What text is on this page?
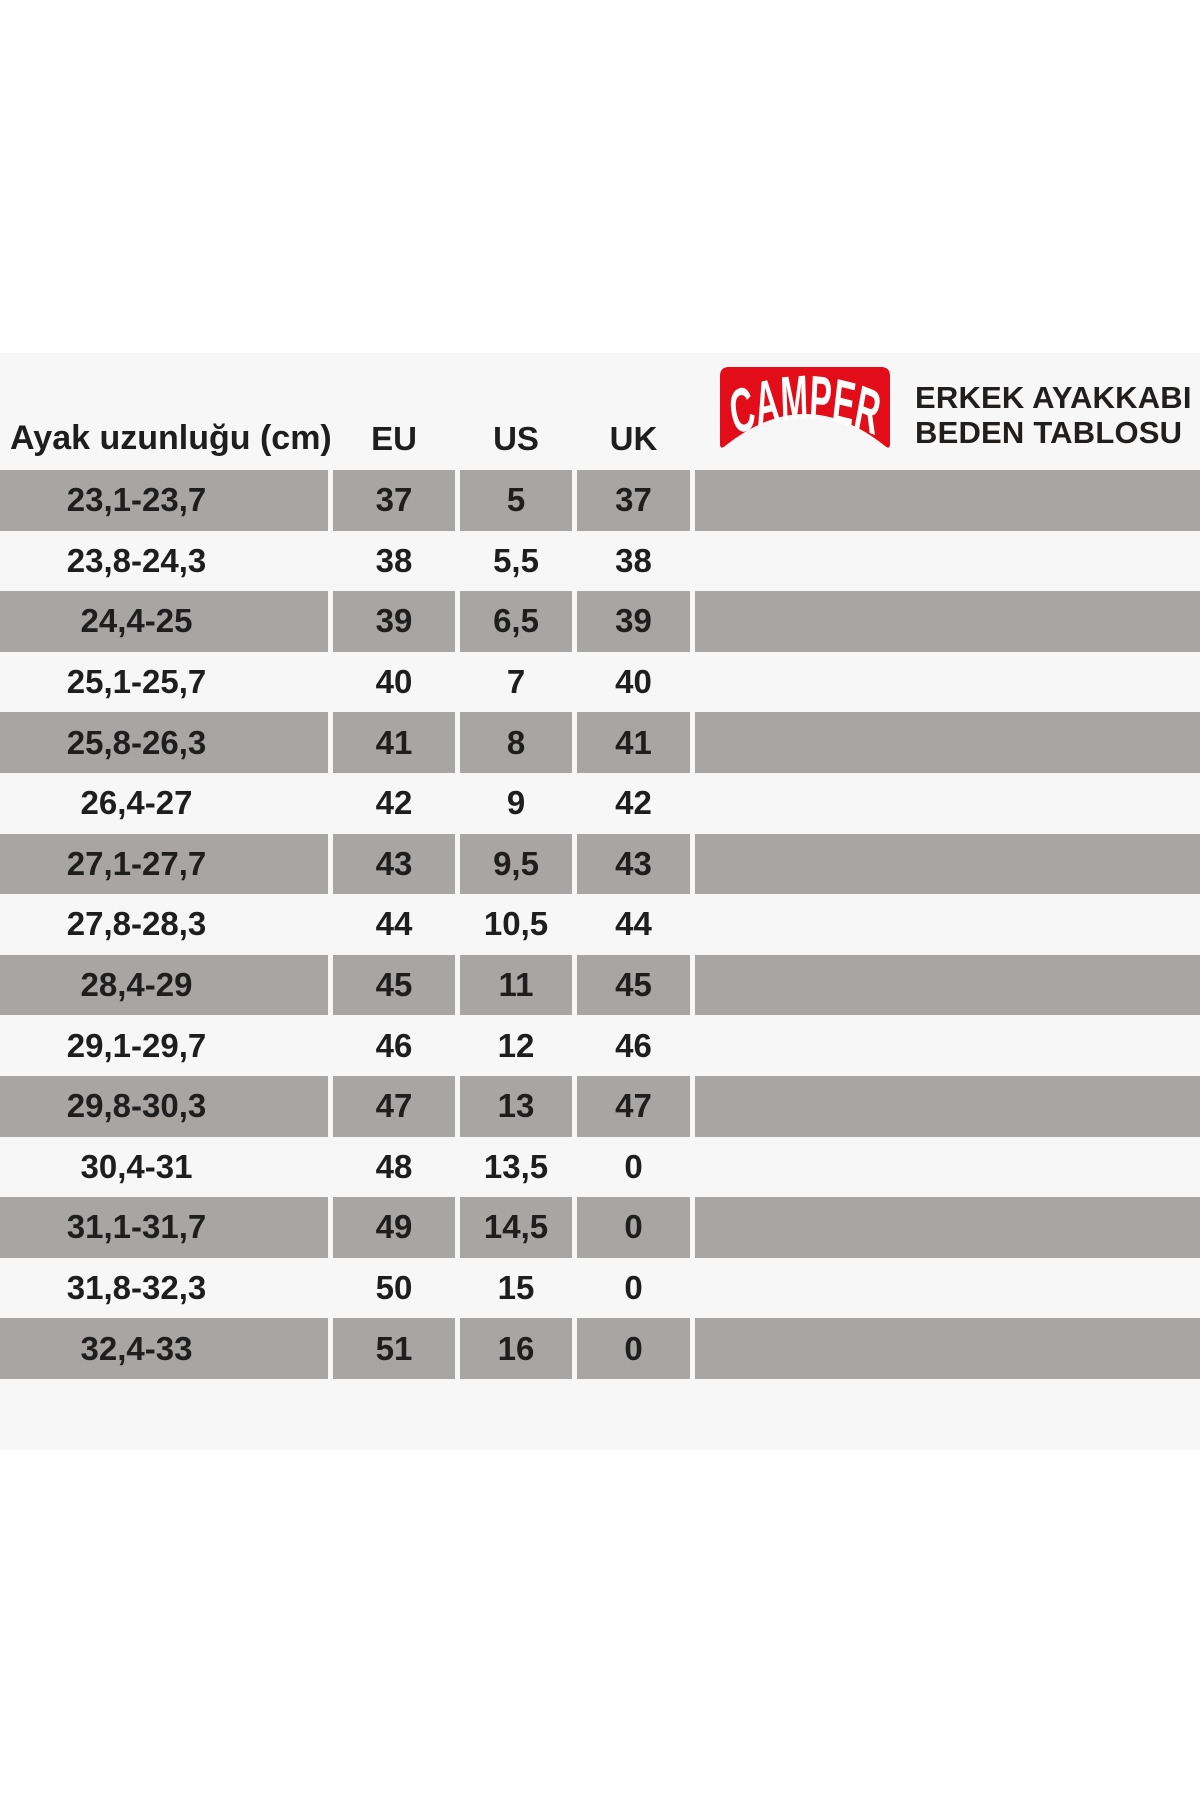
Ayak uzunluğu (cm)	EU	US	UK	CAMPER ERKEK AYAKKABI
BEDEN TABLOSU
23,1-23,7	37	5	37
23,8-24,3	38	5,5	38
24,4-25	39	6,5	39
25,1-25,7	40	7	40
25,8-26,3	41	8	41
26,4-27	42	9	42
27,1-27,7	43	9,5	43
27,8-28,3	44	10,5	44
28,4-29	45	11	45
29,1-29,7	46	12	46
29,8-30,3	47	13	47
30,4-31	48	13,5	0
31,1-31,7	49	14,5	0
31,8-32,3	50	15	0
32,4-33	51	16	0
